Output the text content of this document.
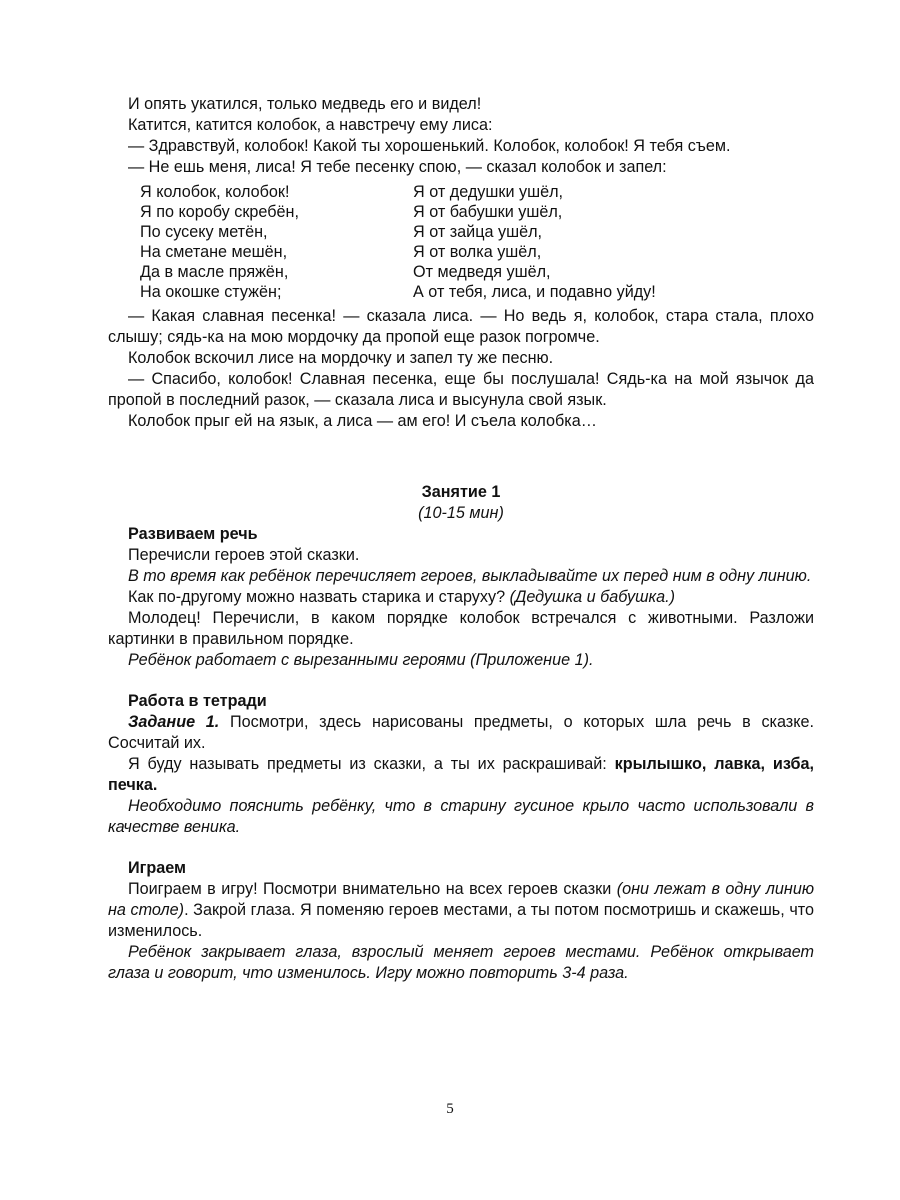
И опять укатился, только медведь его и видел!

Катится, катится колобок, а навстречу ему лиса:

— Здравствуй, колобок! Какой ты хорошенький. Колобок, колобок! Я тебя съем.

— Не ешь меня, лиса! Я тебе песенку спою, — сказал колобок и запел:

Я колобок, колобок!
Я по коробу скребён,
По сусеку метён,
На сметане мешён,
Да в масле пряжён,
На окошке стужён;
Я от дедушки ушёл,
Я от бабушки ушёл,
Я от зайца ушёл,
Я от волка ушёл,
От медведя ушёл,
А от тебя, лиса, и подавно уйду!

— Какая славная песенка! — сказала лиса. — Но ведь я, колобок, стара стала, плохо слышу; сядь-ка на мою мордочку да пропой еще разок погромче.

Колобок вскочил лисе на мордочку и запел ту же песню.

— Спасибо, колобок! Славная песенка, еще бы послушала! Сядь-ка на мой язычок да пропой в последний разок, — сказала лиса и высунула свой язык.

Колобок прыг ей на язык, а лиса — ам его! И съела колобка…

Занятие 1

(10-15 мин)

Развиваем речь

Перечисли героев этой сказки.

В то время как ребёнок перечисляет героев, выкладывайте их перед ним в одну линию.

Как по-другому можно назвать старика и старуху? (Дедушка и бабушка.)

Молодец! Перечисли, в каком порядке колобок встречался с животными. Разложи картинки в правильном порядке.

Ребёнок работает с вырезанными героями (Приложение 1).

Работа в тетради

Задание 1. Посмотри, здесь нарисованы предметы, о которых шла речь в сказке. Сосчитай их.

Я буду называть предметы из сказки, а ты их раскрашивай: крылышко, лавка, изба, печка.

Необходимо пояснить ребёнку, что в старину гусиное крыло часто использовали в качестве веника.

Играем

Поиграем в игру! Посмотри внимательно на всех героев сказки (они лежат в одну линию на столе). Закрой глаза. Я поменяю героев местами, а ты потом посмотришь и скажешь, что изменилось.

Ребёнок закрывает глаза, взрослый меняет героев местами. Ребёнок открывает глаза и говорит, что изменилось. Игру можно повторить 3-4 раза.

5
